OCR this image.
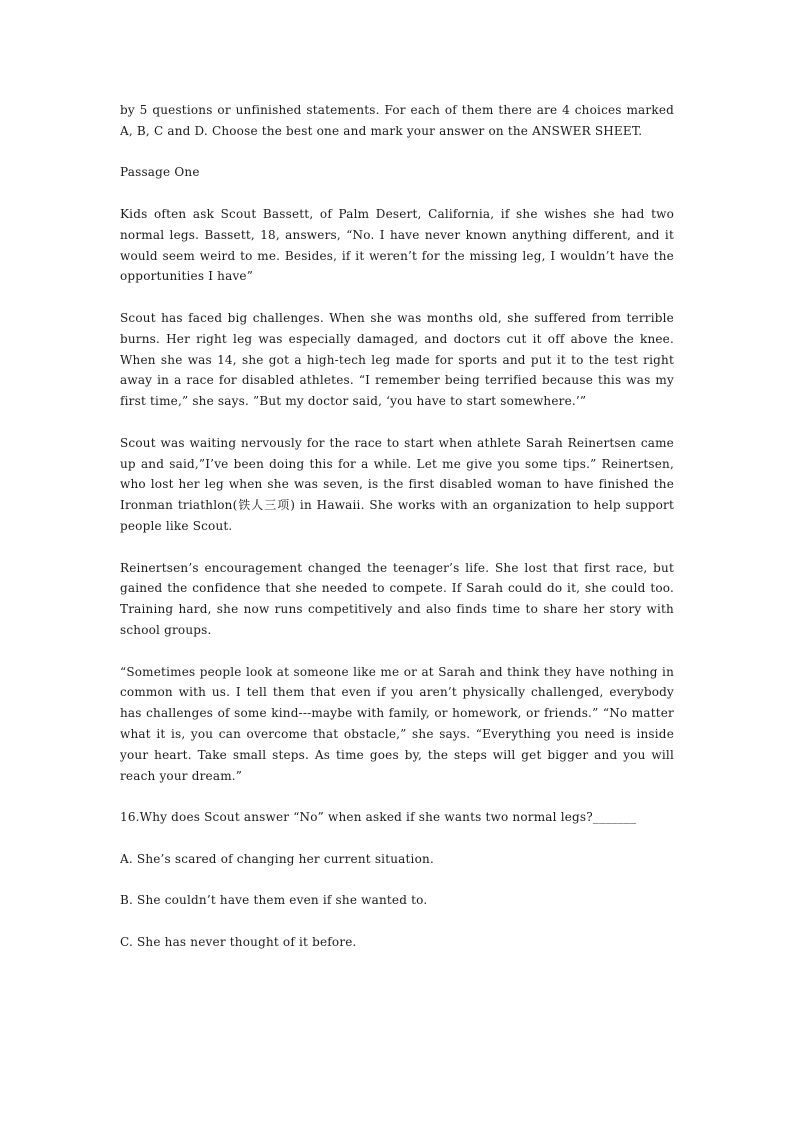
by 5 questions or unfinished statements. For each of them there are 4 choices marked A, B, C and D. Choose the best one and mark your answer on the ANSWER SHEET.

Passage One

Kids often ask Scout Bassett, of Palm Desert, California, if she wishes she had two normal legs. Bassett, 18, answers, “No. I have never known anything different, and it would seem weird to me. Besides, if it weren’t for the missing leg, I wouldn’t have the opportunities I have”

Scout has faced big challenges. When she was months old, she suffered from terrible burns. Her right leg was especially damaged, and doctors cut it off above the knee. When she was 14, she got a high-tech leg made for sports and put it to the test right away in a race for disabled athletes. “I remember being terrified because this was my first time,” she says. ”But my doctor said, ‘you have to start somewhere.’”

Scout was waiting nervously for the race to start when athlete Sarah Reinertsen came up and said,”I’ve been doing this for a while. Let me give you some tips.” Reinertsen, who lost her leg when she was seven, is the first disabled woman to have finished the Ironman triathlon(铁人三项) in Hawaii. She works with an organization to help support people like Scout.

Reinertsen’s encouragement changed the teenager’s life. She lost that first race, but gained the confidence that she needed to compete. If Sarah could do it, she could too. Training hard, she now runs competitively and also finds time to share her story with school groups.

“Sometimes people look at someone like me or at Sarah and think they have nothing in common with us. I tell them that even if you aren’t physically challenged, everybody has challenges of some kind---maybe with family, or homework, or friends.” “No matter what it is, you can overcome that obstacle,” she says. “Everything you need is inside your heart. Take small steps. As time goes by, the steps will get bigger and you will reach your dream.”

16.Why does Scout answer “No” when asked if she wants two normal legs?_______

A. She’s scared of changing her current situation.

B. She couldn’t have them even if she wanted to.

C. She has never thought of it before.
